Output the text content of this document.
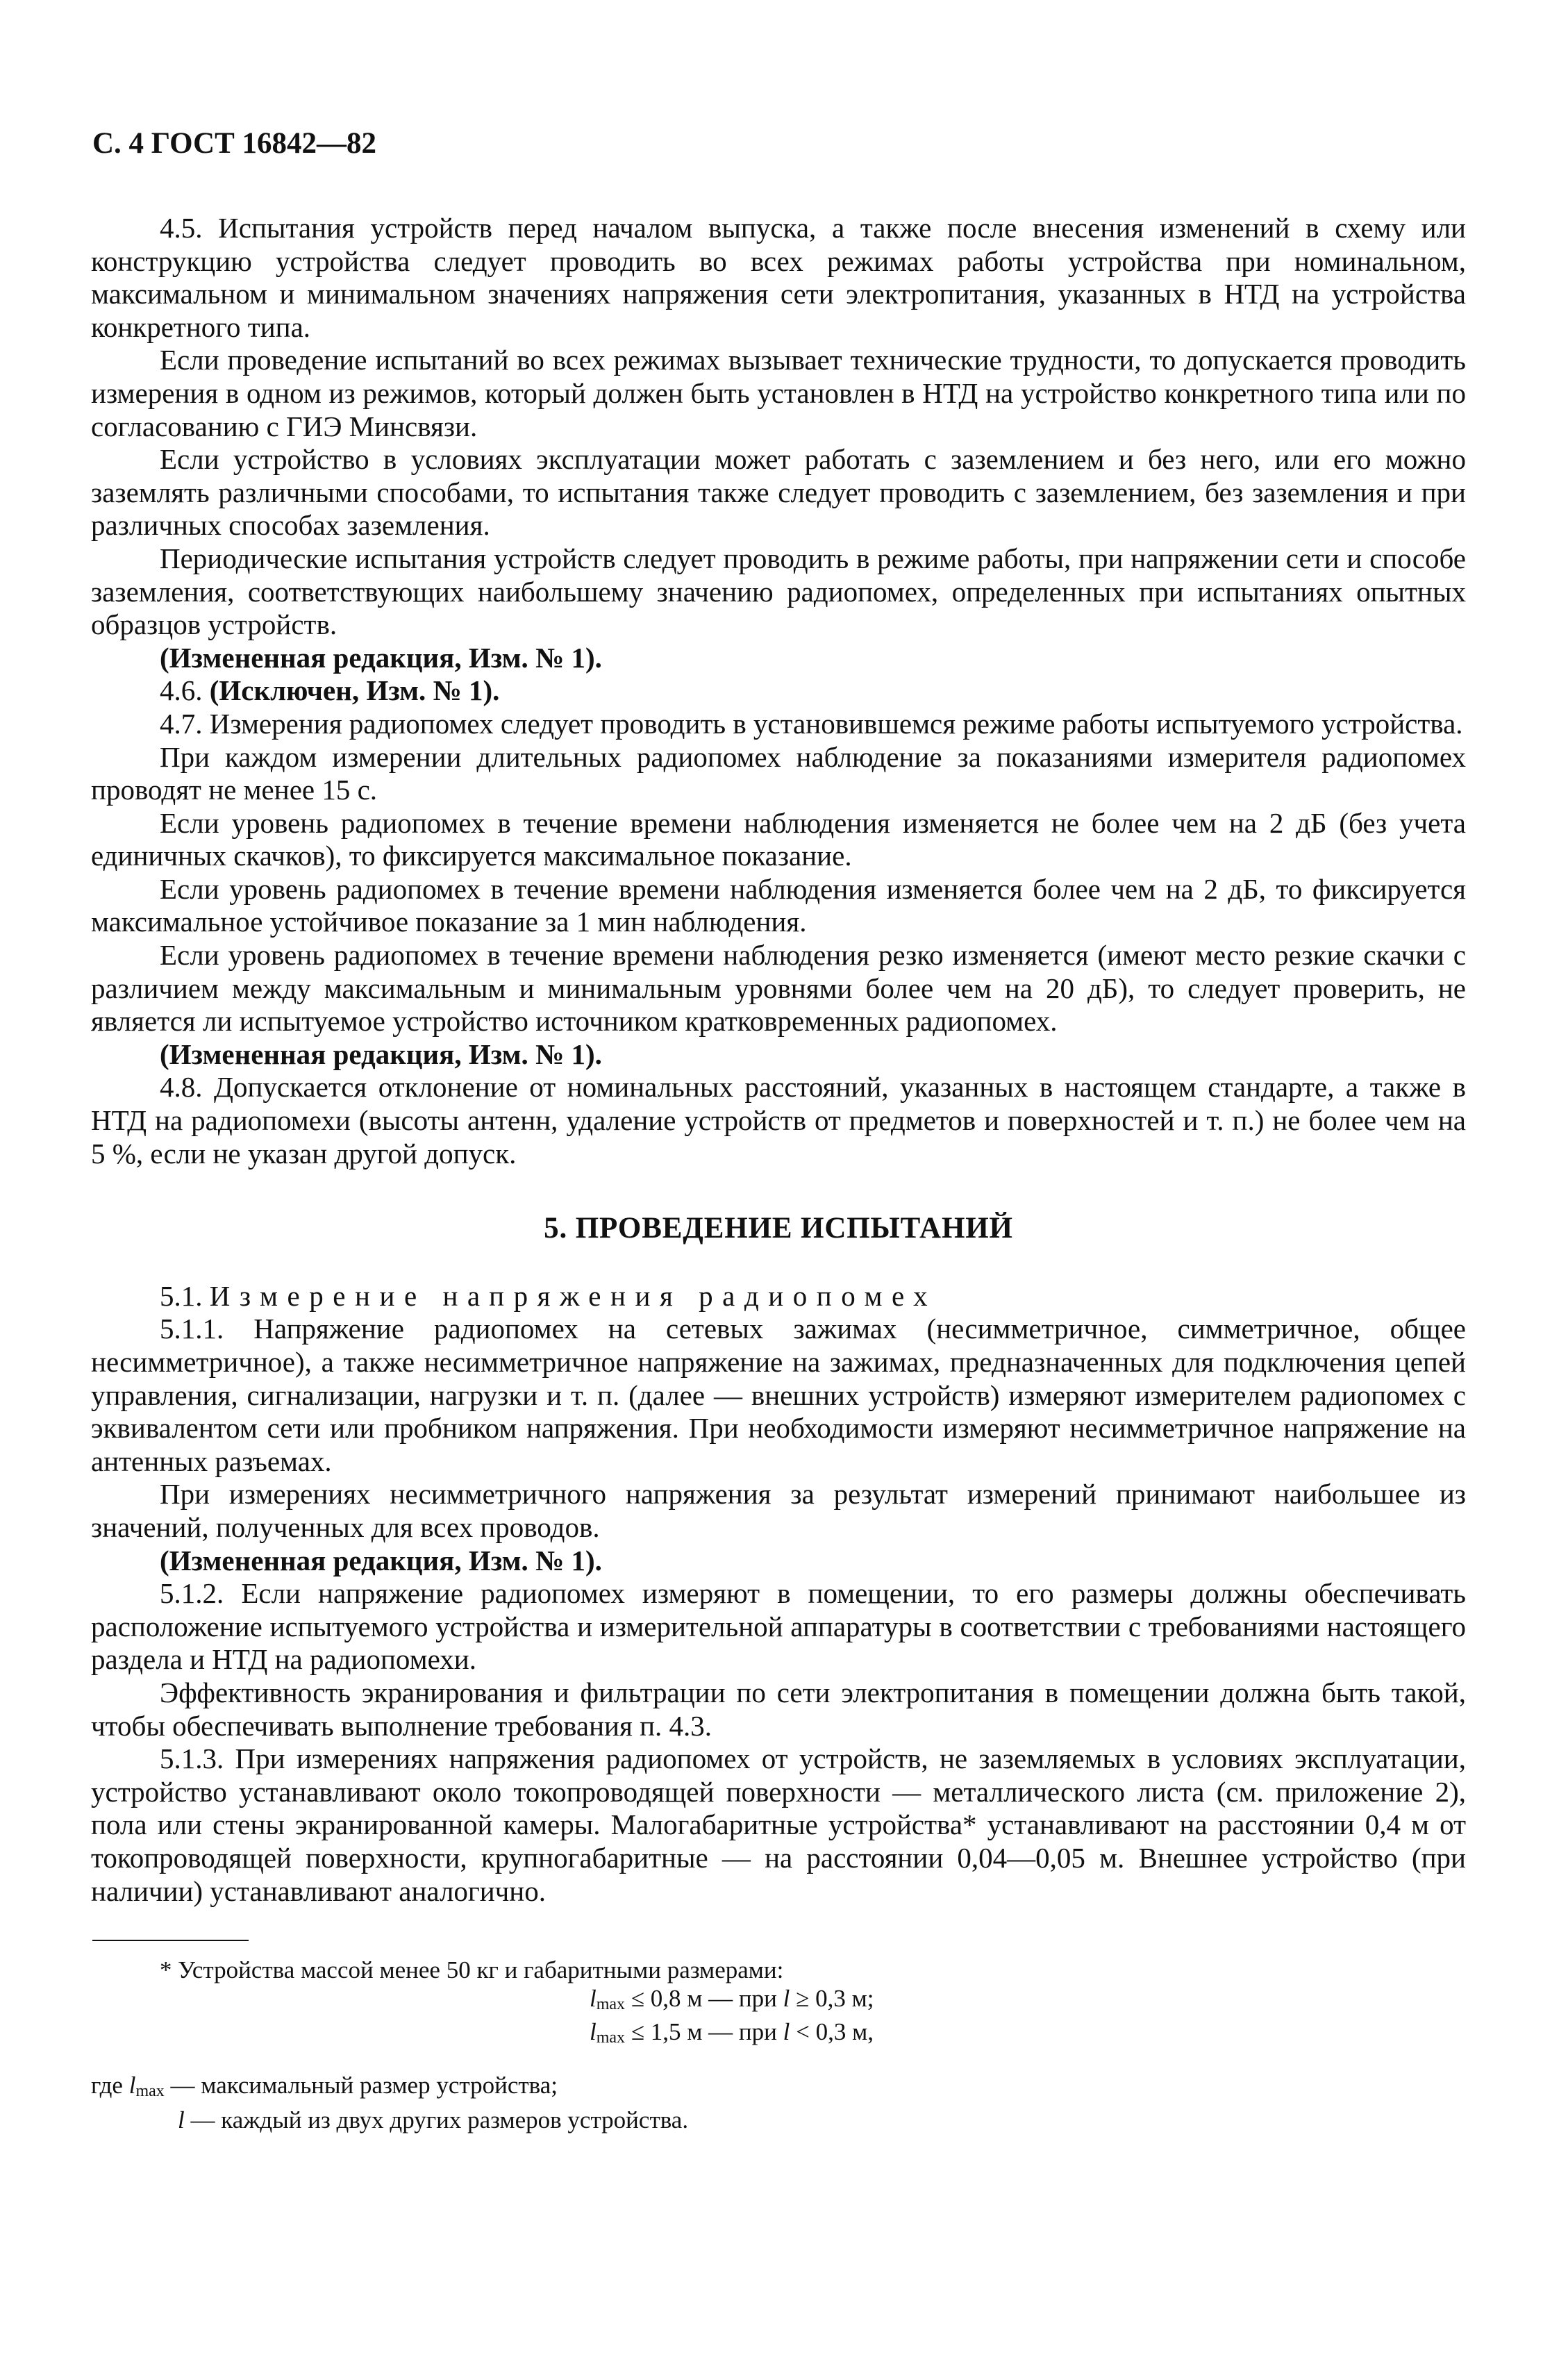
С. 4 ГОСТ 16842—82

4.5. Испытания устройств перед началом выпуска, а также после внесения изменений в схему или конструкцию устройства следует проводить во всех режимах работы устройства при номинальном, максимальном и минимальном значениях напряжения сети электропитания, указанных в НТД на устройства конкретного типа.

Если проведение испытаний во всех режимах вызывает технические трудности, то допускается проводить измерения в одном из режимов, который должен быть установлен в НТД на устройство конкретного типа или по согласованию с ГИЭ Минсвязи.

Если устройство в условиях эксплуатации может работать с заземлением и без него, или его можно заземлять различными способами, то испытания также следует проводить с заземлением, без заземления и при различных способах заземления.

Периодические испытания устройств следует проводить в режиме работы, при напряжении сети и способе заземления, соответствующих наибольшему значению радиопомех, определенных при испытаниях опытных образцов устройств.

(Измененная редакция, Изм. № 1).

4.6. (Исключен, Изм. № 1).

4.7. Измерения радиопомех следует проводить в установившемся режиме работы испытуемого устройства.

При каждом измерении длительных радиопомех наблюдение за показаниями измерителя радиопомех проводят не менее 15 с.

Если уровень радиопомех в течение времени наблюдения изменяется не более чем на 2 дБ (без учета единичных скачков), то фиксируется максимальное показание.

Если уровень радиопомех в течение времени наблюдения изменяется более чем на 2 дБ, то фиксируется максимальное устойчивое показание за 1 мин наблюдения.

Если уровень радиопомех в течение времени наблюдения резко изменяется (имеют место резкие скачки с различием между максимальным и минимальным уровнями более чем на 20 дБ), то следует проверить, не является ли испытуемое устройство источником кратковременных радиопомех.

(Измененная редакция, Изм. № 1).

4.8. Допускается отклонение от номинальных расстояний, указанных в настоящем стандарте, а также в НТД на радиопомехи (высоты антенн, удаление устройств от предметов и поверхностей и т. п.) не более чем на 5 %, если не указан другой допуск.

5. ПРОВЕДЕНИЕ ИСПЫТАНИЙ

5.1. Измерение напряжения радиопомех

5.1.1. Напряжение радиопомех на сетевых зажимах (несимметричное, симметричное, общее несимметричное), а также несимметричное напряжение на зажимах, предназначенных для подключения цепей управления, сигнализации, нагрузки и т. п. (далее — внешних устройств) измеряют измерителем радиопомех с эквивалентом сети или пробником напряжения. При необходимости измеряют несимметричное напряжение на антенных разъемах.

При измерениях несимметричного напряжения за результат измерений принимают наибольшее из значений, полученных для всех проводов.

(Измененная редакция, Изм. № 1).

5.1.2. Если напряжение радиопомех измеряют в помещении, то его размеры должны обеспечивать расположение испытуемого устройства и измерительной аппаратуры в соответствии с требованиями настоящего раздела и НТД на радиопомехи.

Эффективность экранирования и фильтрации по сети электропитания в помещении должна быть такой, чтобы обеспечивать выполнение требования п. 4.3.

5.1.3. При измерениях напряжения радиопомех от устройств, не заземляемых в условиях эксплуатации, устройство устанавливают около токопроводящей поверхности — металлического листа (см. приложение 2), пола или стены экранированной камеры. Малогабаритные устройства* устанавливают на расстоянии 0,4 м от токопроводящей поверхности, крупногабаритные — на расстоянии 0,04—0,05 м. Внешнее устройство (при наличии) устанавливают аналогично.

* Устройства массой менее 50 кг и габаритными размерами:
lmax ≤ 0,8 м — при l ≥ 0,3 м;
lmax ≤ 1,5 м — при l < 0,3 м,
где lmax — максимальный размер устройства;
l — каждый из двух других размеров устройства.
